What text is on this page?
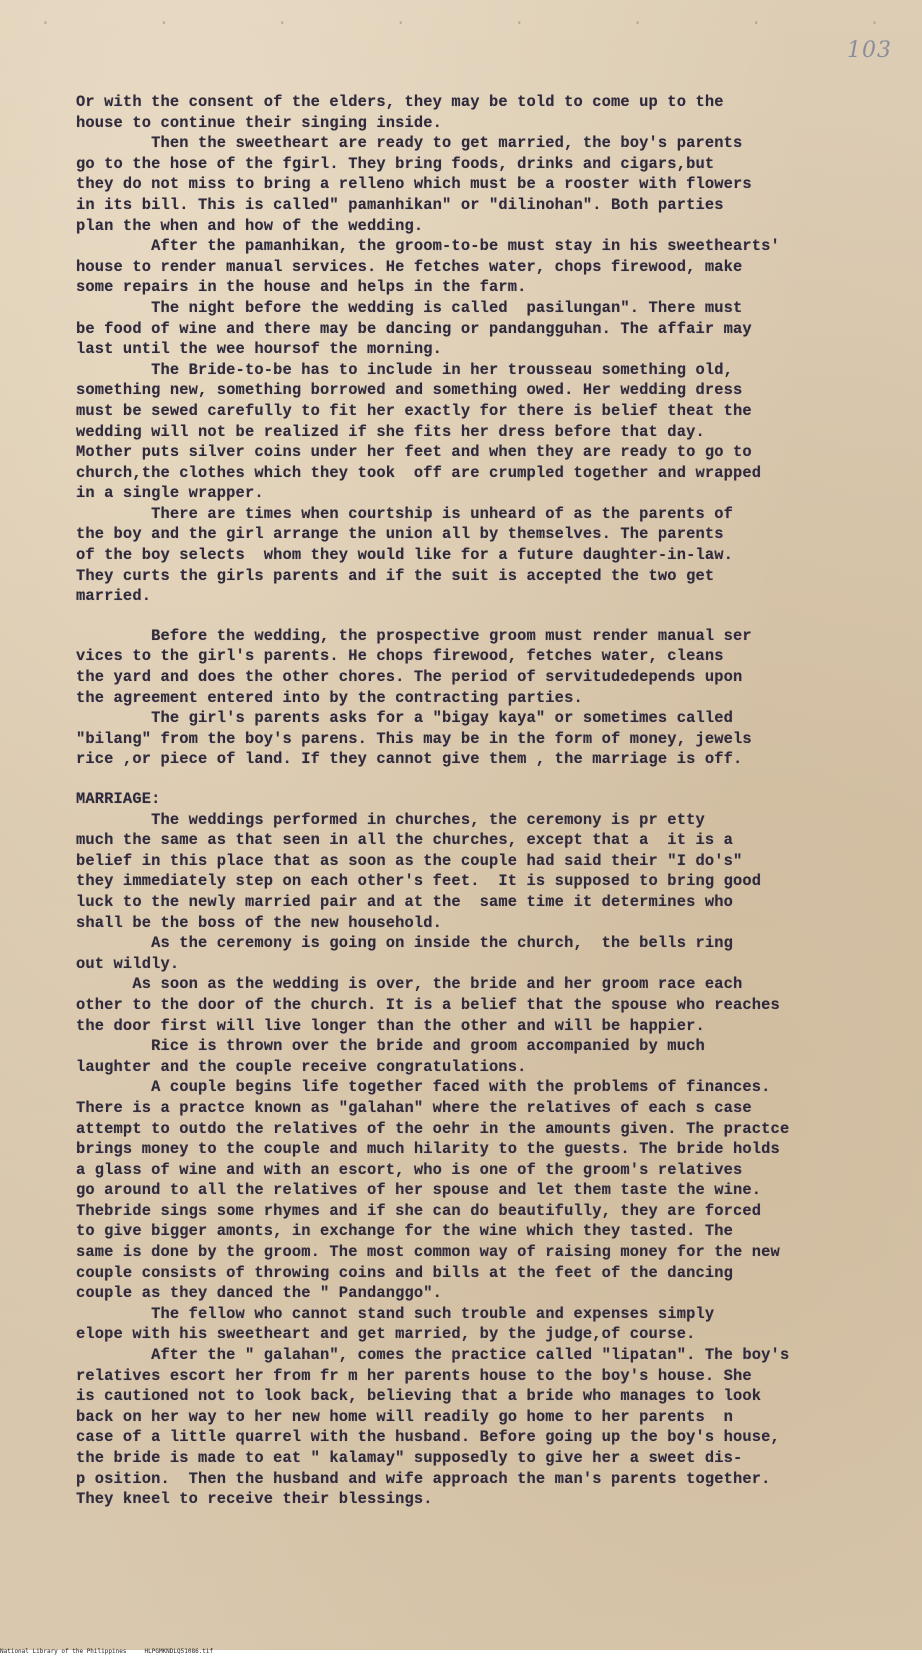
·	·	·	·	·	·	·	·
103

Or with the consent of the elders, they may be told to come up to the

house to continue their singing inside.

Then the sweetheart are ready to get married, the boy's parents

go to the hose of the fgirl. They bring foods, drinks and cigars,but

they do not miss to bring a relleno which must be a rooster with flowers

in its bill. This is called" pamanhikan" or "dilinohan". Both parties

plan the when and how of the wedding.

After the pamanhikan, the groom-to-be must stay in his sweethearts'

house to render manual services. He fetches water, chops firewood, make

some repairs in the house and helps in the farm.

The night before the wedding is called  pasilungan". There must

be food of wine and there may be dancing or pandangguhan. The affair may

last until the wee hoursof the morning.

The Bride-to-be has to include in her trousseau something old,

something new, something borrowed and something owed. Her wedding dress

must be sewed carefully to fit her exactly for there is belief theat the

wedding will not be realized if she fits her dress before that day.

Mother puts silver coins under her feet and when they are ready to go to

church,the clothes which they took  off are crumpled together and wrapped

in a single wrapper.

There are times when courtship is unheard of as the parents of

the boy and the girl arrange the union all by themselves. The parents

of the boy selects  whom they would like for a future daughter-in-law.

They curts the girls parents and if the suit is accepted the two get

married.

Before the wedding, the prospective groom must render manual ser

vices to the girl's parents. He chops firewood, fetches water, cleans

the yard and does the other chores. The period of servitudedepends upon

the agreement entered into by the contracting parties.

The girl's parents asks for a "bigay kaya" or sometimes called

"bilang" from the boy's parens. This may be in the form of money, jewels

rice ,or piece of land. If they cannot give them , the marriage is off.

MARRIAGE:

The weddings performed in churches, the ceremony is pr etty

much the same as that seen in all the churches, except that a  it is a

belief in this place that as soon as the couple had said their "I do's"

they immediately step on each other's feet.  It is supposed to bring good

luck to the newly married pair and at the  same time it determines who

shall be the boss of the new household.

As the ceremony is going on inside the church,  the bells ring

out wildly.

As soon as the wedding is over, the bride and her groom race each

other to the door of the church. It is a belief that the spouse who reaches

the door first will live longer than the other and will be happier.

Rice is thrown over the bride and groom accompanied by much

laughter and the couple receive congratulations.

A couple begins life together faced with the problems of finances.

There is a practce known as "galahan" where the relatives of each s case

attempt to outdo the relatives of the oehr in the amounts given. The practce

brings money to the couple and much hilarity to the guests. The bride holds

a glass of wine and with an escort, who is one of the groom's relatives

go around to all the relatives of her spouse and let them taste the wine.

Thebride sings some rhymes and if she can do beautifully, they are forced

to give bigger amonts, in exchange for the wine which they tasted. The

same is done by the groom. The most common way of raising money for the new

couple consists of throwing coins and bills at the feet of the dancing

couple as they danced the " Pandanggo".

The fellow who cannot stand such trouble and expenses simply

elope with his sweetheart and get married, by the judge,of course.

After the " galahan", comes the practice called "lipatan". The boy's

relatives escort her from fr m her parents house to the boy's house. She

is cautioned not to look back, believing that a bride who manages to look

back on her way to her new home will readily go home to her parents  n

case of a little quarrel with the husband. Before going up the boy's house,

the bride is made to eat " kalamay" supposedly to give her a sweet dis-

p osition.  Then the husband and wife approach the man's parents together.

They kneel to receive their blessings.

National Library of the Philippines     HLPGMKNDLQ51086.tif
